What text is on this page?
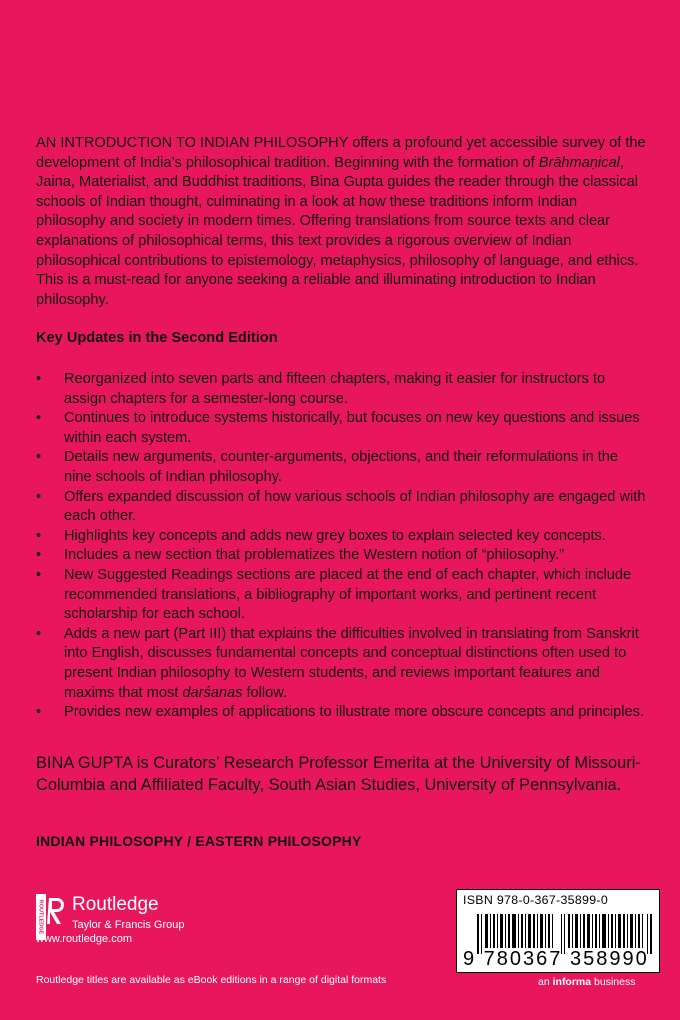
AN INTRODUCTION TO INDIAN PHILOSOPHY offers a profound yet accessible survey of the development of India’s philosophical tradition. Beginning with the formation of Brāhmaṇical, Jaina, Materialist, and Buddhist traditions, Bina Gupta guides the reader through the classical schools of Indian thought, culminating in a look at how these traditions inform Indian philosophy and society in modern times. Offering translations from source texts and clear explanations of philosophical terms, this text provides a rigorous overview of Indian philosophical contributions to epistemology, metaphysics, philosophy of language, and ethics. This is a must-read for anyone seeking a reliable and illuminating introduction to Indian philosophy.
Key Updates in the Second Edition
• Reorganized into seven parts and fifteen chapters, making it easier for instructors to assign chapters for a semester-long course.
• Continues to introduce systems historically, but focuses on new key questions and issues within each system.
• Details new arguments, counter-arguments, objections, and their reformulations in the nine schools of Indian philosophy.
• Offers expanded discussion of how various schools of Indian philosophy are engaged with each other.
• Highlights key concepts and adds new grey boxes to explain selected key concepts.
• Includes a new section that problematizes the Western notion of “philosophy.”
• New Suggested Readings sections are placed at the end of each chapter, which include recommended translations, a bibliography of important works, and pertinent recent scholarship for each school.
• Adds a new part (Part III) that explains the difficulties involved in translating from Sanskrit into English, discusses fundamental concepts and conceptual distinctions often used to present Indian philosophy to Western students, and reviews important features and maxims that most darśanas follow.
• Provides new examples of applications to illustrate more obscure concepts and principles.
BINA GUPTA is Curators’ Research Professor Emerita at the University of Missouri-Columbia and Affiliated Faculty, South Asian Studies, University of Pennsylvania.
INDIAN PHILOSOPHY / EASTERN PHILOSOPHY
ROUTLEDGE Routledge
Taylor & Francis Group
www.routledge.com
Routledge titles are available as eBook editions in a range of digital formats
ISBN 978-0-367-35899-0
9 780367 358990
an informa business
